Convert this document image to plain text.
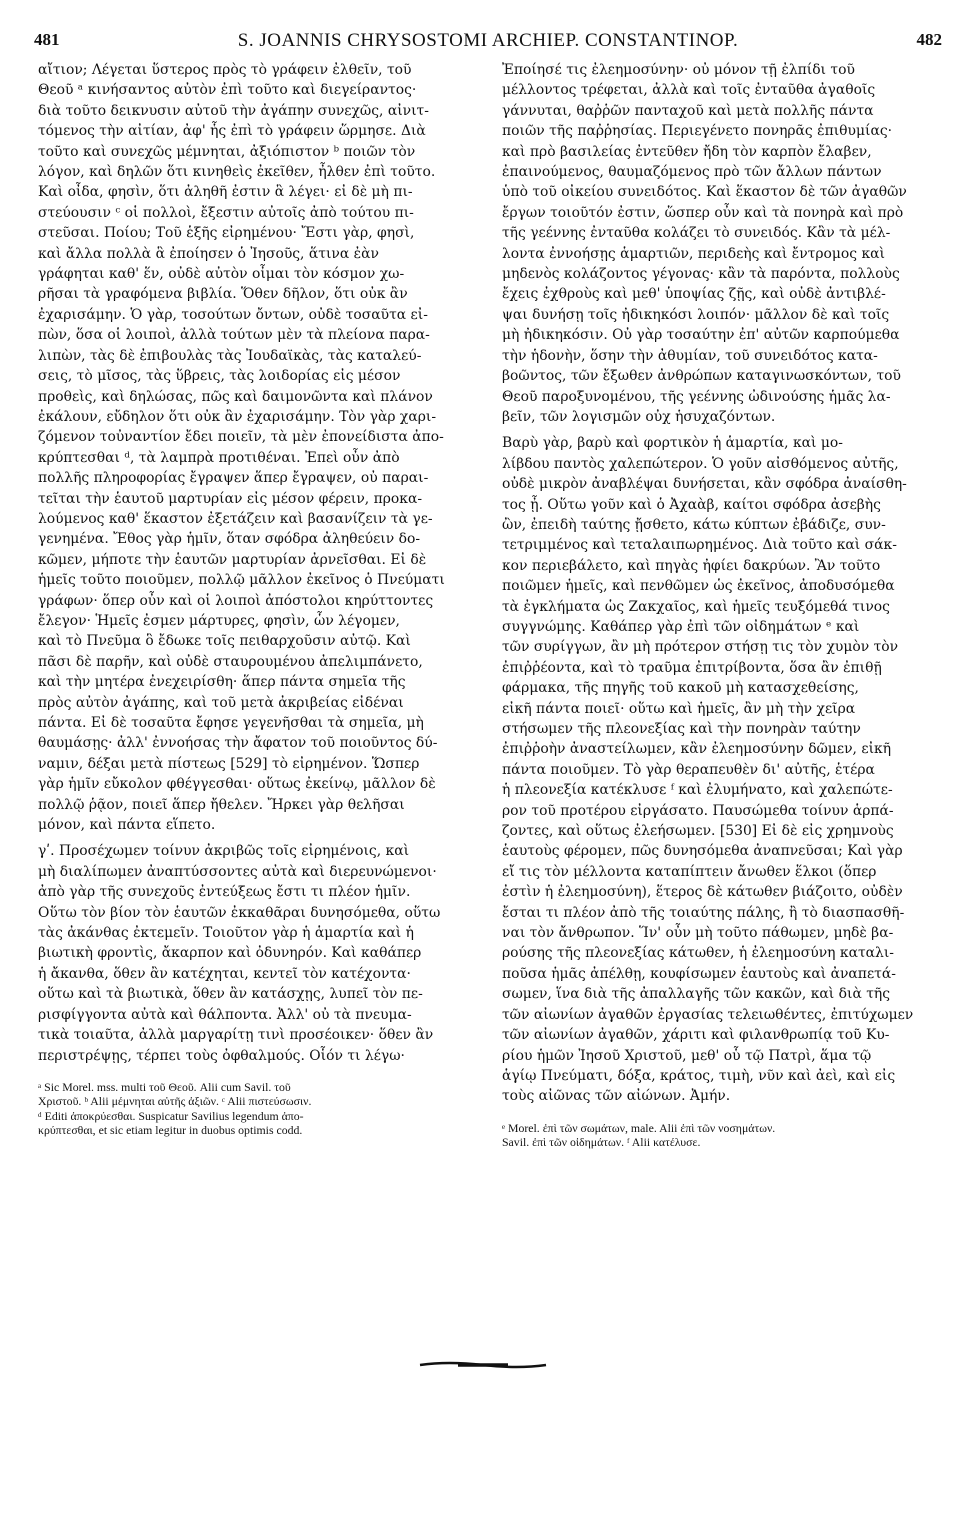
481	S. JOANNIS CHRYSOSTOMI ARCHIEP. CONSTANTINOP.	482

αἴτιον; Λέγεται ὕστερος πρὸς τὸ γράφειν ἐλθεῖν, τοῦ
Θεοῦ ᵃ κινήσαντος αὐτὸν ἐπὶ τοῦτο καὶ διεγείραντος·
διὰ τοῦτο δεικνυσιν αὐτοῦ τὴν ἀγάπην συνεχῶς, αἰνιτ-
τόμενος τὴν αἰτίαν, ἀφ' ἧς ἐπὶ τὸ γράφειν ὥρμησε. Διὰ
τοῦτο καὶ συνεχῶς μέμνηται, ἀξιόπιστον ᵇ ποιῶν τὸν
λόγον, καὶ δηλῶν ὅτι κινηθεὶς ἐκεῖθεν, ἦλθεν ἐπὶ τοῦτο.
Καὶ οἶδα, φησὶν, ὅτι ἀληθῆ ἐστιν ἃ λέγει· εἰ δὲ μὴ πι-
στεύουσιν ᶜ οἱ πολλοὶ, ἔξεστιν αὐτοῖς ἀπὸ τούτου πι-
στεῦσαι. Ποίου; Τοῦ ἑξῆς εἰρημένου· Ἔστι γὰρ, φησὶ,
καὶ ἄλλα πολλὰ ἃ ἐποίησεν ὁ Ἰησοῦς, ἅτινα ἐὰν
γράφηται καθ' ἕν, οὐδὲ αὐτὸν οἶμαι τὸν κόσμον χω-
ρῆσαι τὰ γραφόμενα βιβλία. Ὅθεν δῆλον, ὅτι οὐκ ἂν
ἐχαρισάμην. Ὁ γὰρ, τοσούτων ὄντων, οὐδὲ τοσαῦτα εἰ-
πὼν, ὅσα οἱ λοιποὶ, ἀλλὰ τούτων μὲν τὰ πλείονα παρα-
λιπὼν, τὰς δὲ ἐπιβουλὰς τὰς Ἰουδαϊκὰς, τὰς καταλεύ-
σεις, τὸ μῖσος, τὰς ὕβρεις, τὰς λοιδορίας εἰς μέσον
προθεὶς, καὶ δηλώσας, πῶς καὶ δαιμονῶντα καὶ πλάνον
ἐκάλουν, εὔδηλον ὅτι οὐκ ἂν ἐχαρισάμην. Τὸν γὰρ χαρι-
ζόμενον τοὐναντίον ἔδει ποιεῖν, τὰ μὲν ἐπονείδιστα ἀπο-
κρύπτεσθαι ᵈ, τὰ λαμπρὰ προτιθέναι. Ἐπεὶ οὖν ἀπὸ
πολλῆς πληροφορίας ἔγραψεν ἅπερ ἔγραψεν, οὐ παραι-
τεῖται τὴν ἑαυτοῦ μαρτυρίαν εἰς μέσον φέρειν, προκα-
λούμενος καθ' ἕκαστον ἐξετάζειν καὶ βασανίζειν τὰ γε-
γενημένα. Ἔθος γὰρ ἡμῖν, ὅταν σφόδρα ἀληθεύειν δο-
κῶμεν, μήποτε τὴν ἑαυτῶν μαρτυρίαν ἀρνεῖσθαι. Εἰ δὲ
ἡμεῖς τοῦτο ποιοῦμεν, πολλῷ μᾶλλον ἐκεῖνος ὁ Πνεύματι
γράφων· ὅπερ οὖν καὶ οἱ λοιποὶ ἀπόστολοι κηρύττοντες
ἔλεγον· Ἡμεῖς ἐσμεν μάρτυρες, φησὶν, ὧν λέγομεν,
καὶ τὸ Πνεῦμα ὃ ἔδωκε τοῖς πειθαρχοῦσιν αὐτῷ. Καὶ
πᾶσι δὲ παρῆν, καὶ οὐδὲ σταυρουμένου ἀπελιμπάνετο,
καὶ τὴν μητέρα ἐνεχειρίσθη· ἅπερ πάντα σημεῖα τῆς
πρὸς αὐτὸν ἀγάπης, καὶ τοῦ μετὰ ἀκριβείας εἰδέναι
πάντα. Εἰ δὲ τοσαῦτα ἔφησε γεγενῆσθαι τὰ σημεῖα, μὴ
θαυμάσῃς· ἀλλ' ἐννοήσας τὴν ἄφατον τοῦ ποιοῦντος δύ-
ναμιν, δέξαι μετὰ πίστεως [529] τὸ εἰρημένον. Ὥσπερ
γὰρ ἡμῖν εὔκολον φθέγγεσθαι· οὕτως ἐκείνῳ, μᾶλλον δὲ
πολλῷ ῥᾷον, ποιεῖ ἅπερ ἤθελεν. Ἤρκει γὰρ θελῆσαι
μόνον, καὶ πάντα εἵπετο.

γʹ. Προσέχωμεν τοίνυν ἀκριβῶς τοῖς εἰρημένοις, καὶ
μὴ διαλίπωμεν ἀναπτύσσοντες αὐτὰ καὶ διερευνώμενοι·
ἀπὸ γὰρ τῆς συνεχοῦς ἐντεύξεως ἔστι τι πλέον ἡμῖν.
Οὕτω τὸν βίον τὸν ἑαυτῶν ἐκκαθᾶραι δυνησόμεθα, οὕτω
τὰς ἀκάνθας ἐκτεμεῖν. Τοιοῦτον γὰρ ἡ ἁμαρτία καὶ ἡ
βιωτικὴ φροντὶς, ἄκαρπον καὶ ὀδυνηρόν. Καὶ καθάπερ
ἡ ἄκανθα, ὅθεν ἂν κατέχηται, κεντεῖ τὸν κατέχοντα·
οὕτω καὶ τὰ βιωτικὰ, ὅθεν ἂν κατάσχῃς, λυπεῖ τὸν πε-
ρισφίγγοντα αὐτὰ καὶ θάλποντα. Ἀλλ' οὐ τὰ πνευμα-
τικὰ τοιαῦτα, ἀλλὰ μαργαρίτῃ τινὶ προσέοικεν· ὅθεν ἂν
περιστρέψῃς, τέρπει τοὺς ὀφθαλμούς. Οἷόν τι λέγω·

ᵃ Sic Morel. mss. multi τοῦ Θεοῦ. Alii cum Savil. τοῦ
Χριστοῦ. ᵇ Alii μέμνηται αὐτῆς ἀξιῶν. ᶜ Alii πιστεύσωσιν.
ᵈ Editi ἀποκρύεσθαι. Suspicatur Savilius legendum ἀπο-
κρύπτεσθαι, et sic etiam legitur in duobus optimis codd.

Ἐποίησέ τις ἐλεημοσύνην· οὐ μόνον τῇ ἐλπίδι τοῦ
μέλλοντος τρέφεται, ἀλλὰ καὶ τοῖς ἐνταῦθα ἀγαθοῖς
γάννυται, θαῤῥῶν πανταχοῦ καὶ μετὰ πολλῆς πάντα
ποιῶν τῆς παῤῥησίας. Περιεγένετο πονηρᾶς ἐπιθυμίας·
καὶ πρὸ βασιλείας ἐντεῦθεν ἤδη τὸν καρπὸν ἔλαβεν,
ἐπαινούμενος, θαυμαζόμενος πρὸ τῶν ἄλλων πάντων
ὑπὸ τοῦ οἰκείου συνειδότος. Καὶ ἕκαστον δὲ τῶν ἀγαθῶν
ἔργων τοιοῦτόν ἐστιν, ὥσπερ οὖν καὶ τὰ πονηρὰ καὶ πρὸ
τῆς γεέννης ἐνταῦθα κολάζει τὸ συνειδός. Κἂν τὰ μέλ-
λοντα ἐννοήσῃς ἁμαρτιῶν, περιδεὴς καὶ ἔντρομος καὶ
μηδενὸς κολάζοντος γέγονας· κἂν τὰ παρόντα, πολλοὺς
ἔχεις ἐχθροὺς καὶ μεθ' ὑποψίας ζῇς, καὶ οὐδὲ ἀντιβλέ-
ψαι δυνήσῃ τοῖς ἠδικηκόσι λοιπόν· μᾶλλον δὲ καὶ τοῖς
μὴ ἠδικηκόσιν. Οὐ γὰρ τοσαύτην ἐπ' αὐτῶν καρπούμεθα
τὴν ἡδονὴν, ὅσην τὴν ἀθυμίαν, τοῦ συνειδότος κατα-
βοῶντος, τῶν ἔξωθεν ἀνθρώπων καταγινωσκόντων, τοῦ
Θεοῦ παροξυνομένου, τῆς γεέννης ὠδινούσης ἡμᾶς λα-
βεῖν, τῶν λογισμῶν οὐχ ἡσυχαζόντων.

Βαρὺ γὰρ, βαρὺ καὶ φορτικὸν ἡ ἁμαρτία, καὶ μο-
λίβδου παντὸς χαλεπώτερον. Ὁ γοῦν αἰσθόμενος αὐτῆς,
οὐδὲ μικρὸν ἀναβλέψαι δυνήσεται, κἂν σφόδρα ἀναίσθη-
τος ᾖ. Οὕτω γοῦν καὶ ὁ Ἀχαὰβ, καίτοι σφόδρα ἀσεβὴς
ὢν, ἐπειδὴ ταύτης ᾔσθετο, κάτω κύπτων ἐβάδιζε, συν-
τετριμμένος καὶ τεταλαιπωρημένος. Διὰ τοῦτο καὶ σάκ-
κον περιεβάλετο, καὶ πηγὰς ἠφίει δακρύων. Ἂν τοῦτο
ποιῶμεν ἡμεῖς, καὶ πενθῶμεν ὡς ἐκεῖνος, ἀποδυσόμεθα
τὰ ἐγκλήματα ὡς Ζακχαῖος, καὶ ἡμεῖς τευξόμεθά τινος
συγγνώμης. Καθάπερ γὰρ ἐπὶ τῶν οἰδημάτων ᵉ καὶ
τῶν συρίγγων, ἂν μὴ πρότερον στήσῃ τις τὸν χυμὸν τὸν
ἐπιῤῥέοντα, καὶ τὸ τραῦμα ἐπιτρίβοντα, ὅσα ἂν ἐπιθῇ
φάρμακα, τῆς πηγῆς τοῦ κακοῦ μὴ κατασχεθείσης,
εἰκῆ πάντα ποιεῖ· οὕτω καὶ ἡμεῖς, ἂν μὴ τὴν χεῖρα
στήσωμεν τῆς πλεονεξίας καὶ τὴν πονηρὰν ταύτην
ἐπιῤῥοὴν ἀναστείλωμεν, κἂν ἐλεημοσύνην δῶμεν, εἰκῆ
πάντα ποιοῦμεν. Τὸ γὰρ θεραπευθὲν δι' αὐτῆς, ἑτέρα
ἡ πλεονεξία κατέκλυσε ᶠ καὶ ἐλυμήνατο, καὶ χαλεπώτε-
ρον τοῦ προτέρου εἰργάσατο. Παυσώμεθα τοίνυν ἁρπά-
ζοντες, καὶ οὕτως ἐλεήσωμεν. [530] Εἰ δὲ εἰς χρημνοὺς
ἑαυτοὺς φέρομεν, πῶς δυνησόμεθα ἀναπνεῦσαι; Καὶ γὰρ
εἴ τις τὸν μέλλοντα καταπίπτειν ἄνωθεν ἕλκοι (ὅπερ
ἐστὶν ἡ ἐλεημοσύνη), ἕτερος δὲ κάτωθεν βιάζοιτο, οὐδὲν
ἔσται τι πλέον ἀπὸ τῆς τοιαύτης πάλης, ἢ τὸ διασπασθῆ-
ναι τὸν ἄνθρωπον. Ἵν' οὖν μὴ τοῦτο πάθωμεν, μηδὲ βα-
ρούσης τῆς πλεονεξίας κάτωθεν, ἡ ἐλεημοσύνη καταλι-
ποῦσα ἡμᾶς ἀπέλθῃ, κουφίσωμεν ἑαυτοὺς καὶ ἀναπετά-
σωμεν, ἵνα διὰ τῆς ἀπαλλαγῆς τῶν κακῶν, καὶ διὰ τῆς
τῶν αἰωνίων ἀγαθῶν ἐργασίας τελειωθέντες, ἐπιτύχωμεν
τῶν αἰωνίων ἀγαθῶν, χάριτι καὶ φιλανθρωπίᾳ τοῦ Κυ-
ρίου ἡμῶν Ἰησοῦ Χριστοῦ, μεθ' οὗ τῷ Πατρὶ, ἅμα τῷ
ἁγίῳ Πνεύματι, δόξα, κράτος, τιμὴ, νῦν καὶ ἀεὶ, καὶ εἰς
τοὺς αἰῶνας τῶν αἰώνων. Ἀμήν.

ᵉ Morel. ἐπὶ τῶν σωμάτων, male. Alii ἐπὶ τῶν νοσημάτων.
Savil. ἐπὶ τῶν οἰδημάτων. ᶠ Alii κατέλυσε.
